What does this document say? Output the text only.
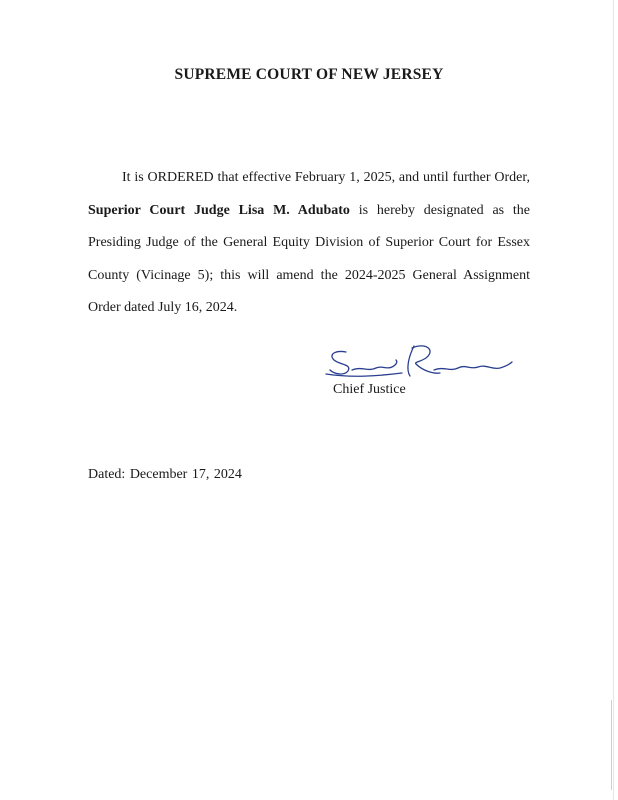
SUPREME COURT OF NEW JERSEY

It is ORDERED that effective February 1, 2025, and until further Order, Superior Court Judge Lisa M. Adubato is hereby designated as the Presiding Judge of the General Equity Division of Superior Court for Essex County (Vicinage 5); this will amend the 2024-2025 General Assignment Order dated July 16, 2024.

Chief Justice

Dated: December 17, 2024
